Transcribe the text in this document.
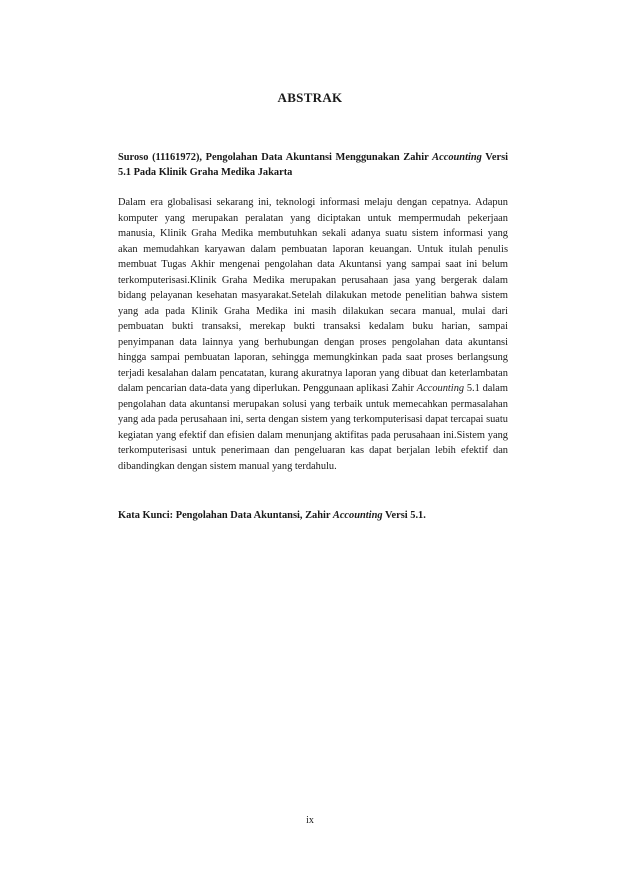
ABSTRAK
Suroso (11161972), Pengolahan Data Akuntansi Menggunakan Zahir Accounting Versi 5.1 Pada Klinik Graha Medika Jakarta
Dalam era globalisasi sekarang ini, teknologi informasi melaju dengan cepatnya. Adapun komputer yang merupakan peralatan yang diciptakan untuk mempermudah pekerjaan manusia, Klinik Graha Medika membutuhkan sekali adanya suatu sistem informasi yang akan memudahkan karyawan dalam pembuatan laporan keuangan. Untuk itulah penulis membuat Tugas Akhir mengenai pengolahan data Akuntansi yang sampai saat ini belum terkomputerisasi.Klinik Graha Medika merupakan perusahaan jasa yang bergerak dalam bidang pelayanan kesehatan masyarakat.Setelah dilakukan metode penelitian bahwa sistem yang ada pada Klinik Graha Medika ini masih dilakukan secara manual, mulai dari pembuatan bukti transaksi, merekap bukti transaksi kedalam buku harian, sampai penyimpanan data lainnya yang berhubungan dengan proses pengolahan data akuntansi hingga sampai pembuatan laporan, sehingga memungkinkan pada saat proses berlangsung terjadi kesalahan dalam pencatatan, kurang akuratnya laporan yang dibuat dan keterlambatan dalam pencarian data-data yang diperlukan. Penggunaan aplikasi Zahir Accounting 5.1 dalam pengolahan data akuntansi merupakan solusi yang terbaik untuk memecahkan permasalahan yang ada pada perusahaan ini, serta dengan sistem yang terkomputerisasi dapat tercapai suatu kegiatan yang efektif dan efisien dalam menunjang aktifitas pada perusahaan ini.Sistem yang terkomputerisasi untuk penerimaan dan pengeluaran kas dapat berjalan lebih efektif dan dibandingkan dengan sistem manual yang terdahulu.
Kata Kunci: Pengolahan Data Akuntansi, Zahir Accounting Versi 5.1.
ix
